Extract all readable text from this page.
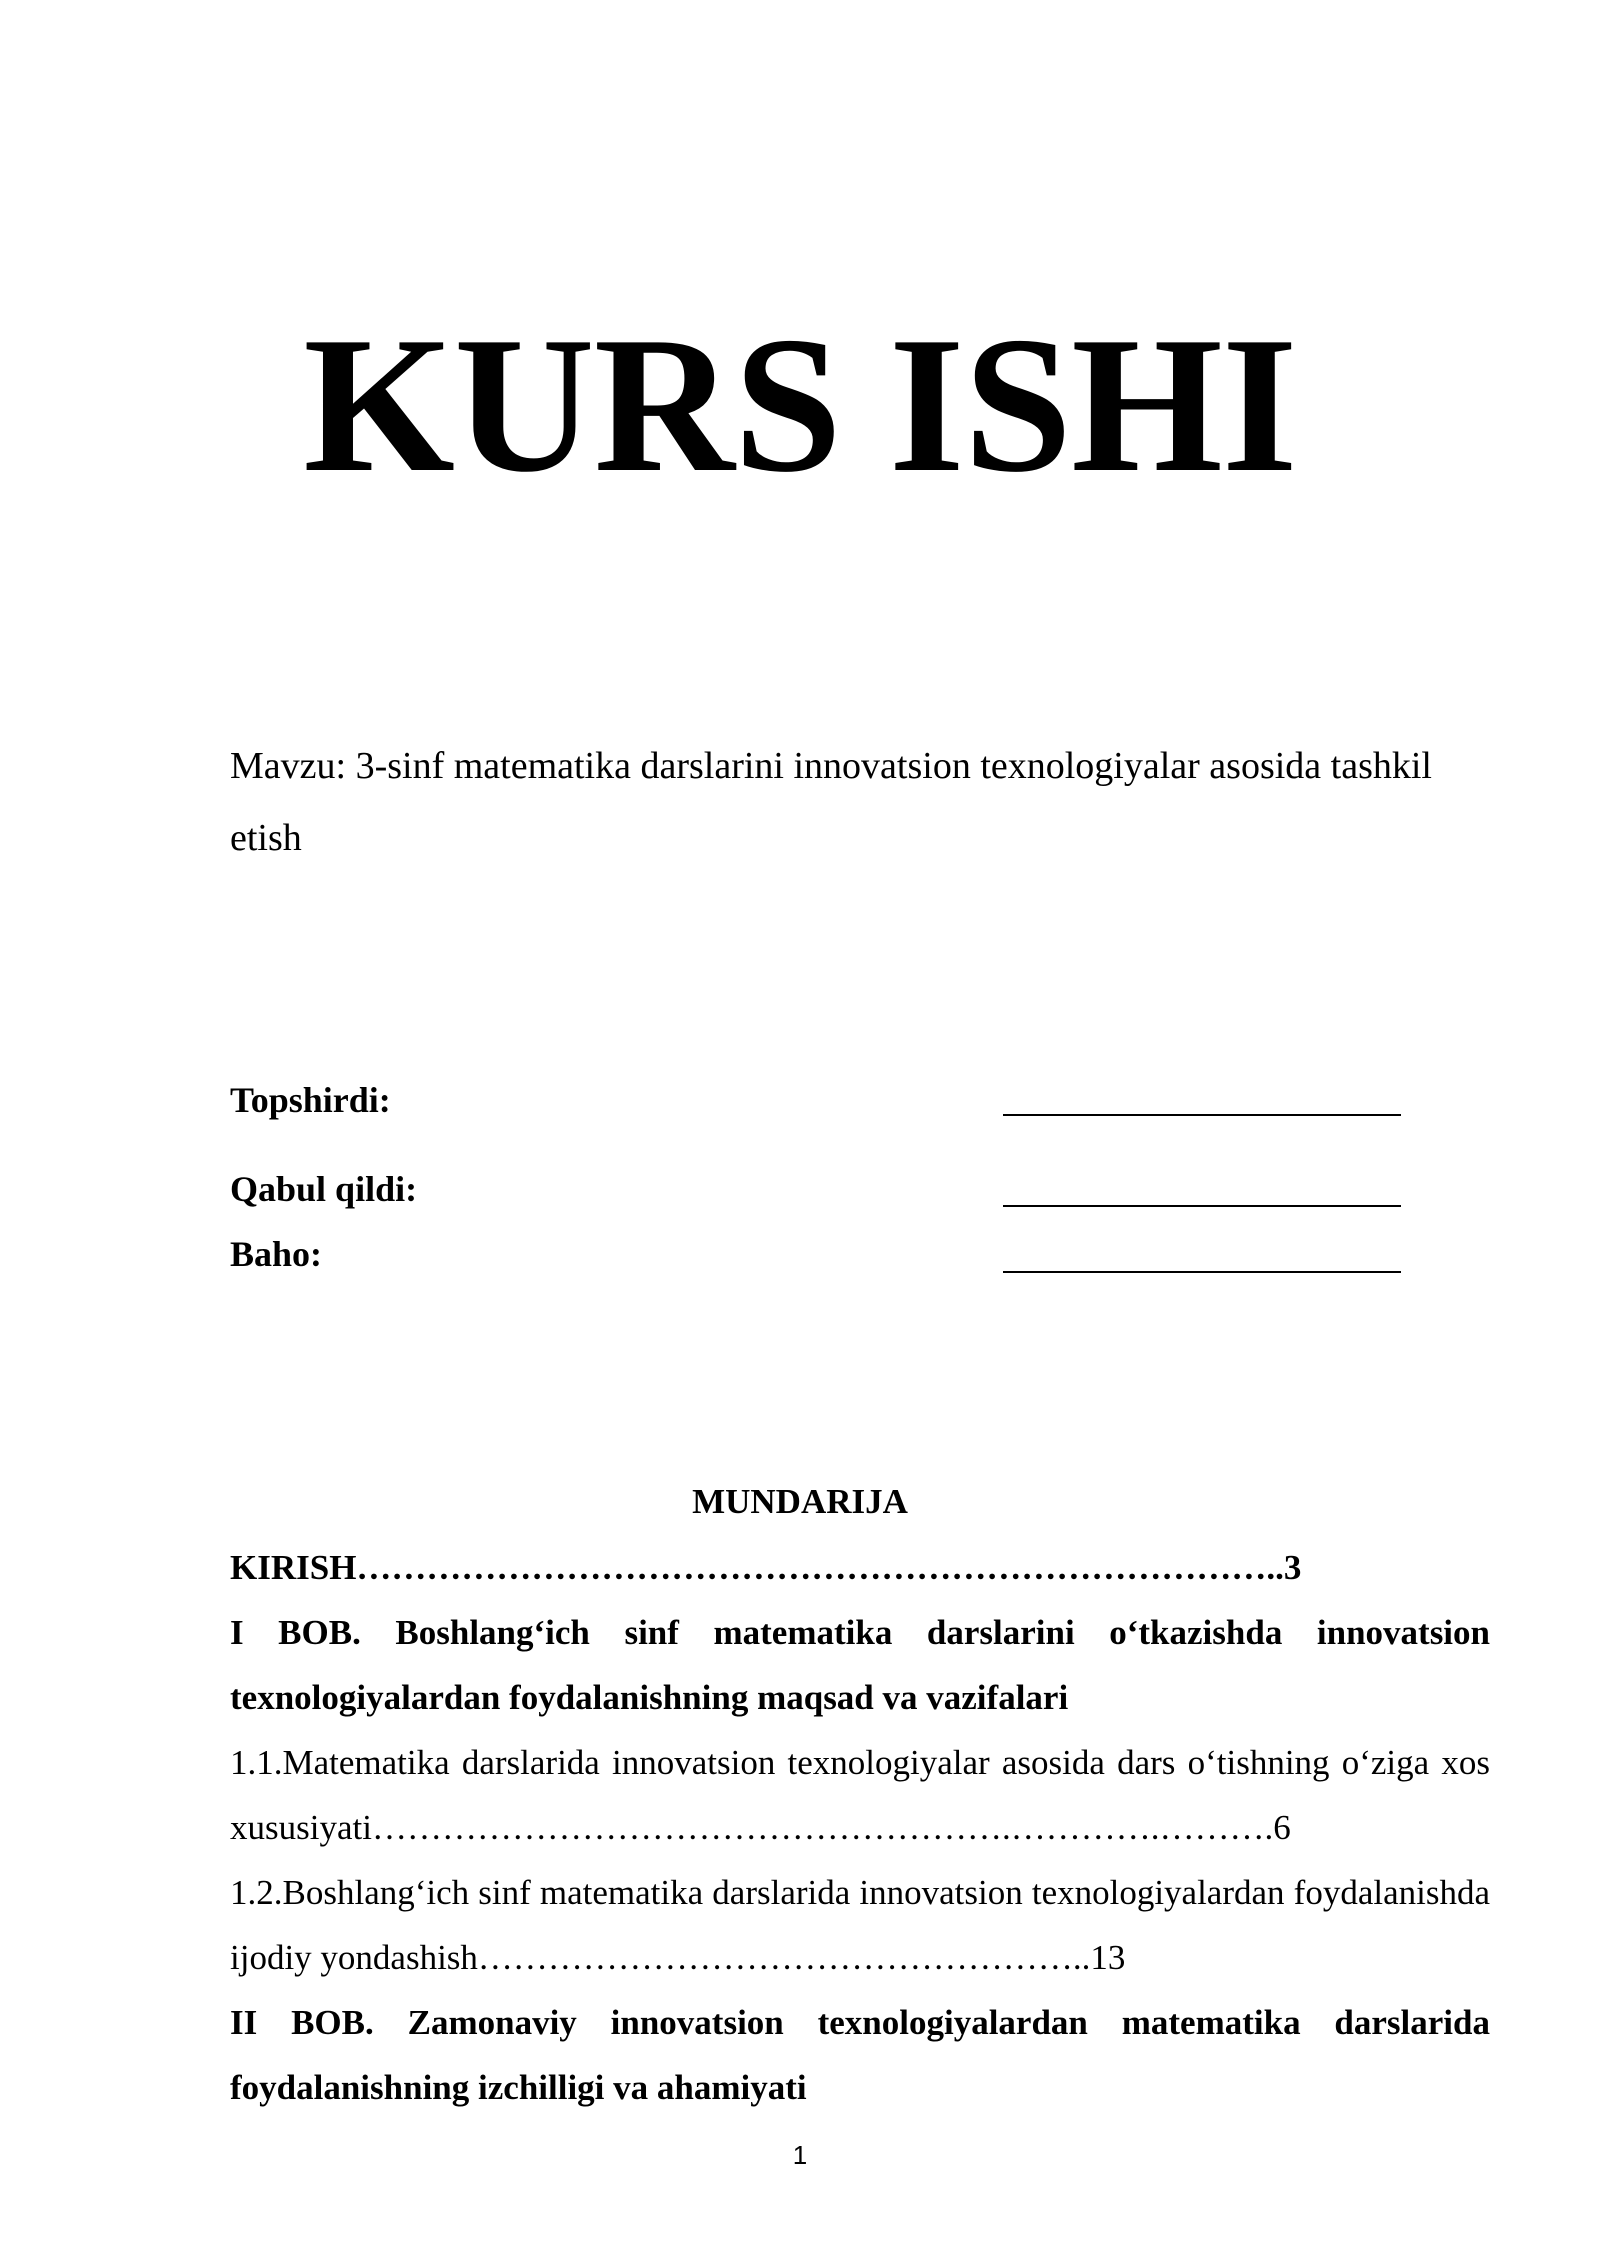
KURS ISHI
Mavzu: 3-sinf matematika darslarini innovatsion texnologiyalar asosida tashkil etish
Topshirdi:
Qabul qildi:
Baho:
MUNDARIJA
KIRISH……………………………………………………………………..3
I BOB. Boshlang‘ich sinf matematika darslarini o‘tkazishda innovatsion texnologiyalardan foydalanishning maqsad va vazifalari
1.1.Matematika darslarida innovatsion texnologiyalar asosida dars o‘tishning o‘ziga xos xususiyati……………………………………………….………….……….6
1.2.Boshlang‘ich sinf matematika darslarida innovatsion texnologiyalardan foydalanishda ijodiy yondashish……………………………………………..13
II BOB. Zamonaviy innovatsion texnologiyalardan matematika darslarida foydalanishning izchilligi va ahamiyati
1
